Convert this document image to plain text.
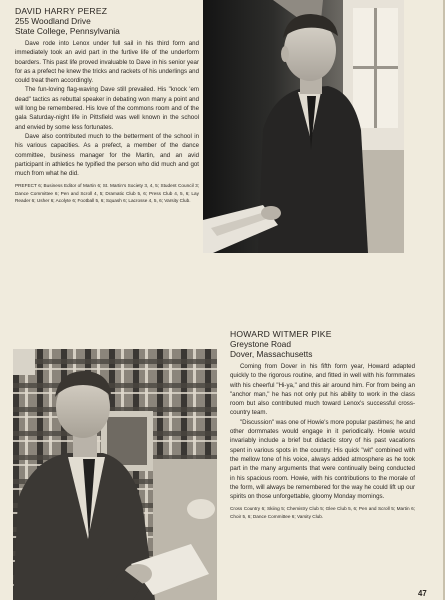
DAVID HARRY PEREZ
255 Woodland Drive
State College, Pennsylvania

Dave rode into Lenox under full sail in his third form and immediately took an avid part in the furtive life of the underform boarders. This past life proved invaluable to Dave in his senior year for as a prefect he knew the tricks and rackets of his underlings and could treat them accordingly.

The fun-loving flag-waving Dave still prevailed. His "knock 'em dead" tactics as rebuttal speaker in debating won many a point and will long be remembered. His love of the commons room and of the gala Saturday-night life in Pittsfield was well known in the school and envied by some less fortunates.

Dave also contributed much to the betterment of the school in his various capacities. As a prefect, a member of the dance committee, business manager for the Martin, and an avid participant in athletics he typified the person who did much and got much from what he did.

PREFECT 6; Business Editor of Martin 6; St. Martin's Society 3, 4, 5; Student Council 3; Dance Committee 6; Pen and Scroll 4, 5; Dramatic Club 5, 6; Press Club 4, 5, 6; Lay Reader 6; Usher 6; Acolyte 6; Football 5, 6; Squash 6; Lacrosse 4, 5, 6; Varsity Club.
HOWARD WITMER PIKE
Greystone Road
Dover, Massachusetts

Coming from Dover in his fifth form year, Howard adapted quickly to the rigorous routine, and fitted in well with his formmates with his cheerful "Hi-ya," and this air around him. For from being an "anchor man," he has not only put his ability to work in the class room but also contributed much toward Lenox's successful cross-country team.

"Discussion" was one of Howie's more popular pastimes; he and other dormmates would engage in it periodically. Howie would invariably include a brief but didactic story of his past vacations spent in various spots in the country. His quick "wit" combined with the mellow tone of his voice, always added atmosphere as he took part in the many arguments that were continually being conducted in his spacious room. Howie, with his contributions to the morale of the form, will always be remembered for the way he could lift up our spirits on those unforgettable, gloomy Monday mornings.

Cross Country 6; Skiing 5; Chemistry Club 5; Glee Club 5, 6; Pen and Scroll 5; Martin 6; Choir 5, 6; Dance Committee 6; Varsity Club.
47
